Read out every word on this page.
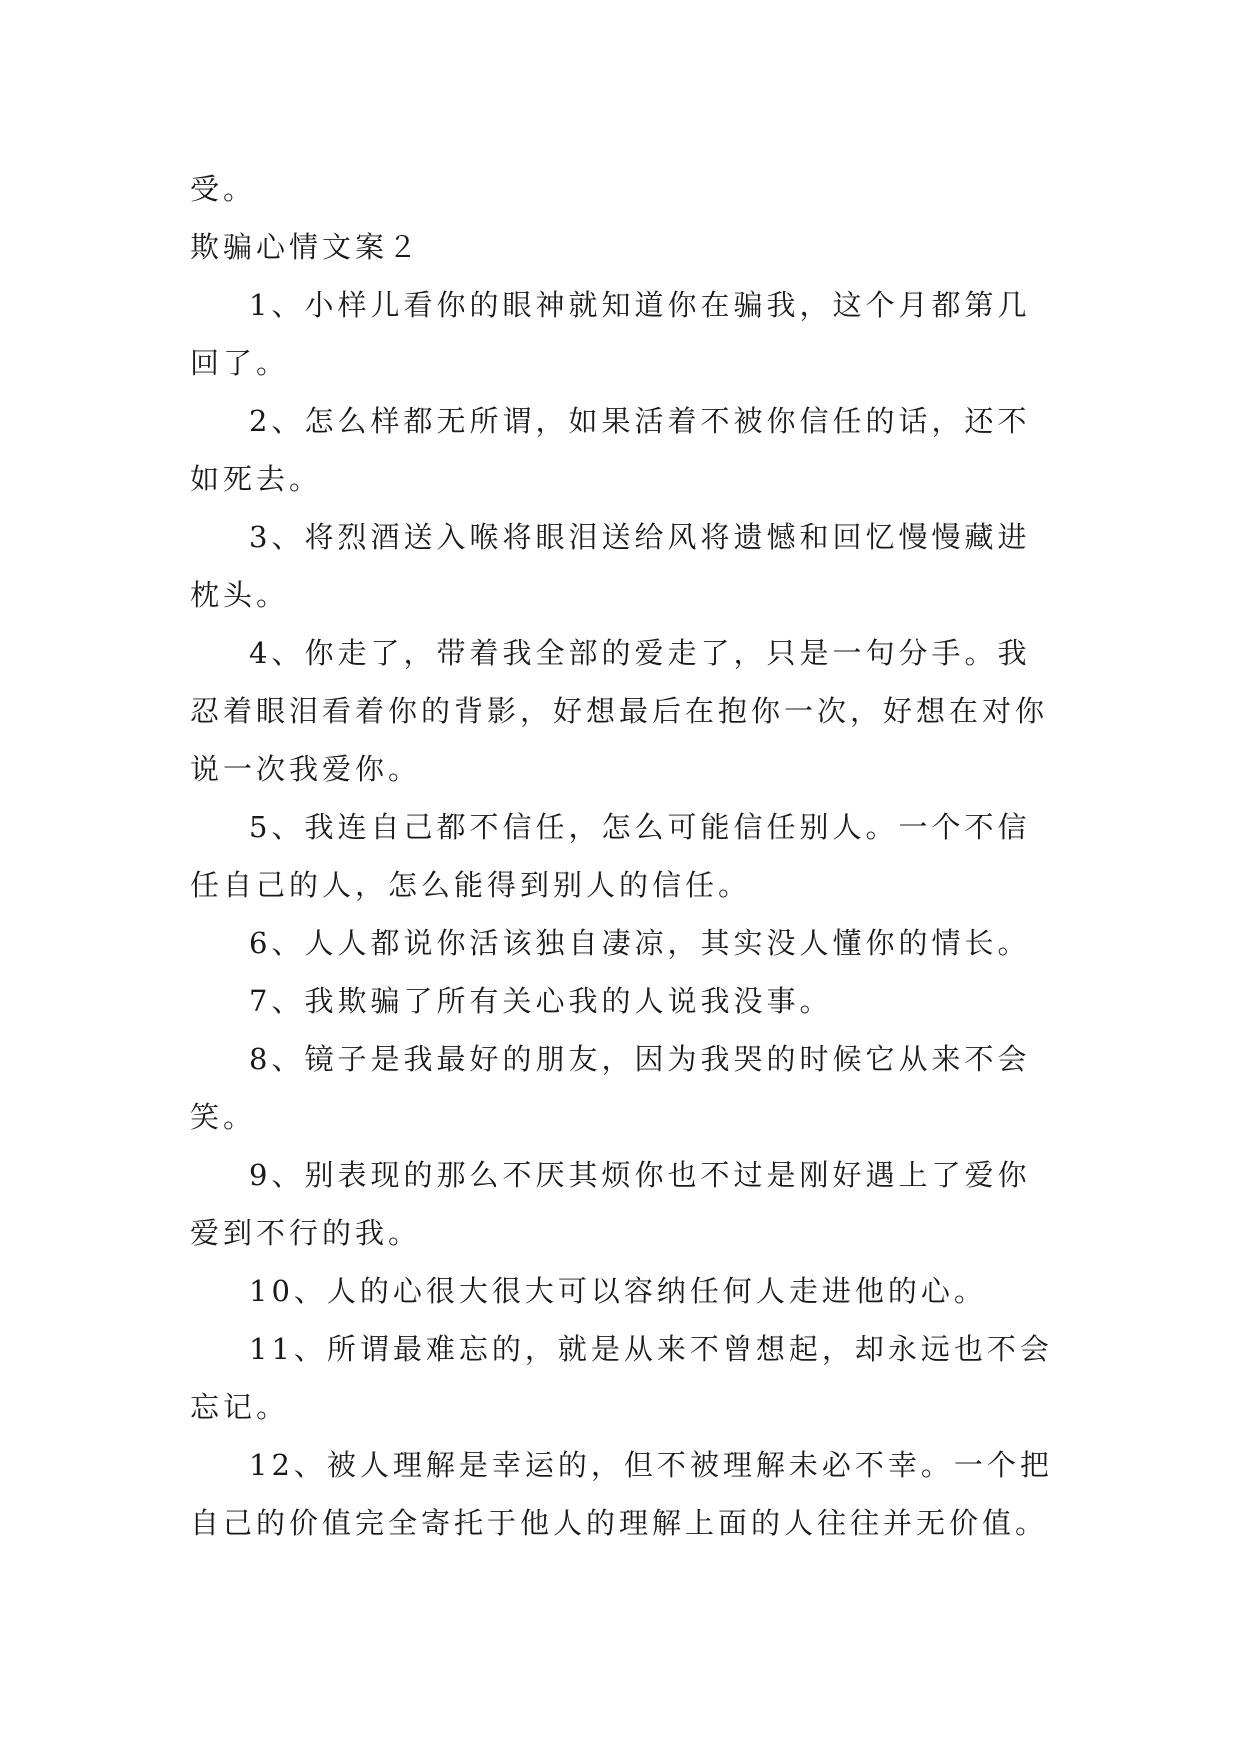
受。
欺骗心情文案２
1、小样儿看你的眼神就知道你在骗我，这个月都第几
回了。
2、怎么样都无所谓，如果活着不被你信任的话，还不
如死去。
3、将烈酒送入喉将眼泪送给风将遗憾和回忆慢慢藏进
枕头。
4、你走了，带着我全部的爱走了，只是一句分手。我
忍着眼泪看着你的背影，好想最后在抱你一次，好想在对你
说一次我爱你。
5、我连自己都不信任，怎么可能信任别人。一个不信
任自己的人，怎么能得到别人的信任。
6、人人都说你活该独自凄凉，其实没人懂你的情长。
7、我欺骗了所有关心我的人说我没事。
8、镜子是我最好的朋友，因为我哭的时候它从来不会
笑。
9、别表现的那么不厌其烦你也不过是刚好遇上了爱你
爱到不行的我。
10、人的心很大很大可以容纳任何人走进他的心。
11、所谓最难忘的，就是从来不曾想起，却永远也不会
忘记。
12、被人理解是幸运的，但不被理解未必不幸。一个把
自己的价值完全寄托于他人的理解上面的人往往并无价值。
